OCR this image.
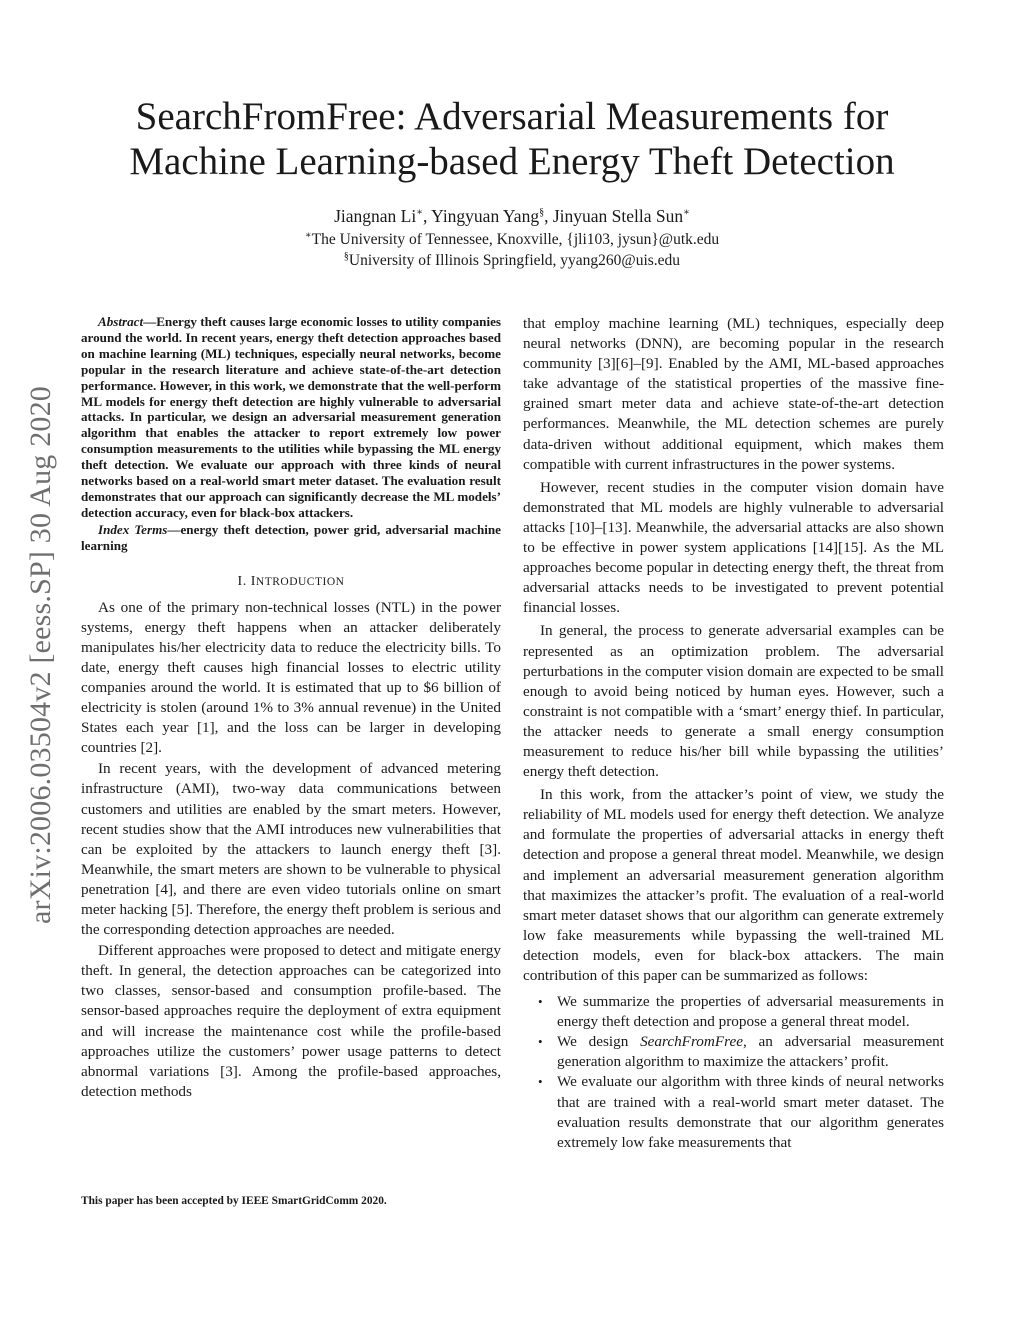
arXiv:2006.03504v2 [eess.SP] 30 Aug 2020
SearchFromFree: Adversarial Measurements for
Machine Learning-based Energy Theft Detection
Jiangnan Li∗, Yingyuan Yang§, Jinyuan Stella Sun∗
∗The University of Tennessee, Knoxville, {jli103, jysun}@utk.edu
§University of Illinois Springfield, yyang260@uis.edu

Abstract—Energy theft causes large economic losses to utility companies around the world. In recent years, energy theft detection approaches based on machine learning (ML) techniques, especially neural networks, become popular in the research literature and achieve state-of-the-art detection performance. However, in this work, we demonstrate that the well-perform ML models for energy theft detection are highly vulnerable to adversarial attacks. In particular, we design an adversarial measurement generation algorithm that enables the attacker to report extremely low power consumption measurements to the utilities while bypassing the ML energy theft detection. We evaluate our approach with three kinds of neural networks based on a real-world smart meter dataset. The evaluation result demonstrates that our approach can significantly decrease the ML models’ detection accuracy, even for black-box attackers.

Index Terms—energy theft detection, power grid, adversarial machine learning

I. INTRODUCTION

As one of the primary non-technical losses (NTL) in the power systems, energy theft happens when an attacker deliberately manipulates his/her electricity data to reduce the electricity bills. To date, energy theft causes high financial losses to electric utility companies around the world. It is estimated that up to $6 billion of electricity is stolen (around 1% to 3% annual revenue) in the United States each year [1], and the loss can be larger in developing countries [2].

In recent years, with the development of advanced metering infrastructure (AMI), two-way data communications between customers and utilities are enabled by the smart meters. However, recent studies show that the AMI introduces new vulnerabilities that can be exploited by the attackers to launch energy theft [3]. Meanwhile, the smart meters are shown to be vulnerable to physical penetration [4], and there are even video tutorials online on smart meter hacking [5]. Therefore, the energy theft problem is serious and the corresponding detection approaches are needed.

Different approaches were proposed to detect and mitigate energy theft. In general, the detection approaches can be categorized into two classes, sensor-based and consumption profile-based. The sensor-based approaches require the deployment of extra equipment and will increase the maintenance cost while the profile-based approaches utilize the customers’ power usage patterns to detect abnormal variations [3]. Among the profile-based approaches, detection methods

that employ machine learning (ML) techniques, especially deep neural networks (DNN), are becoming popular in the research community [3][6]–[9]. Enabled by the AMI, ML-based approaches take advantage of the statistical properties of the massive fine-grained smart meter data and achieve state-of-the-art detection performances. Meanwhile, the ML detection schemes are purely data-driven without additional equipment, which makes them compatible with current infrastructures in the power systems.

However, recent studies in the computer vision domain have demonstrated that ML models are highly vulnerable to adversarial attacks [10]–[13]. Meanwhile, the adversarial attacks are also shown to be effective in power system applications [14][15]. As the ML approaches become popular in detecting energy theft, the threat from adversarial attacks needs to be investigated to prevent potential financial losses.

In general, the process to generate adversarial examples can be represented as an optimization problem. The adversarial perturbations in the computer vision domain are expected to be small enough to avoid being noticed by human eyes. However, such a constraint is not compatible with a ‘smart’ energy thief. In particular, the attacker needs to generate a small energy consumption measurement to reduce his/her bill while bypassing the utilities’ energy theft detection.

In this work, from the attacker’s point of view, we study the reliability of ML models used for energy theft detection. We analyze and formulate the properties of adversarial attacks in energy theft detection and propose a general threat model. Meanwhile, we design and implement an adversarial measurement generation algorithm that maximizes the attacker’s profit. The evaluation of a real-world smart meter dataset shows that our algorithm can generate extremely low fake measurements while bypassing the well-trained ML detection models, even for black-box attackers. The main contribution of this paper can be summarized as follows:

• We summarize the properties of adversarial measurements in energy theft detection and propose a general threat model.
• We design SearchFromFree, an adversarial measurement generation algorithm to maximize the attackers’ profit.
• We evaluate our algorithm with three kinds of neural networks that are trained with a real-world smart meter dataset. The evaluation results demonstrate that our algorithm generates extremely low fake measurements that
This paper has been accepted by IEEE SmartGridComm 2020.
